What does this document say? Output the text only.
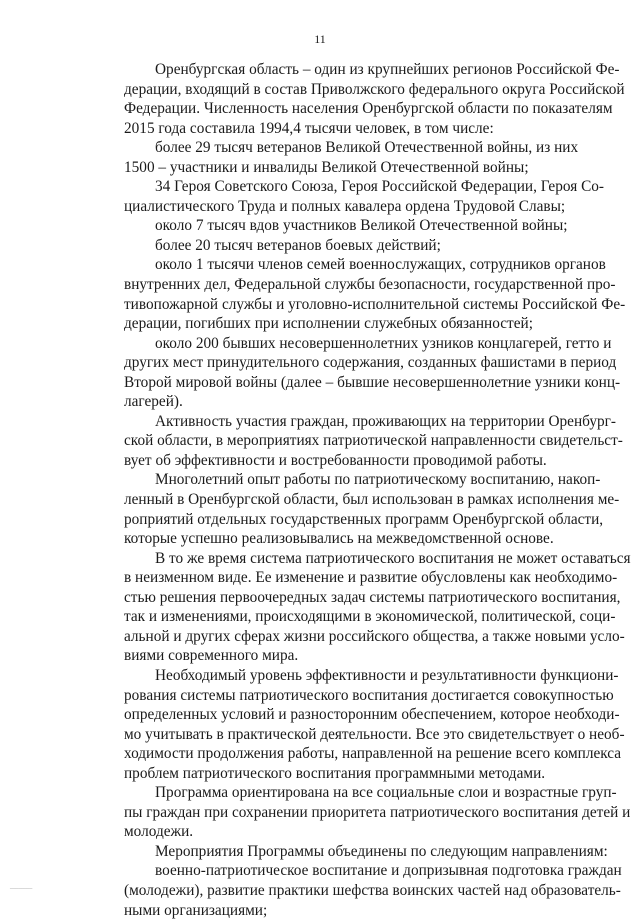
11
Оренбургская область – один из крупнейших регионов Российской Фе-
дерации, входящий в состав Приволжского федерального округа Российской
Федерации. Численность населения Оренбургской области по показателям
2015 года составила 1994,4 тысячи человек, в том числе:
более 29 тысяч ветеранов Великой Отечественной войны, из них
1500 – участники и инвалиды Великой Отечественной войны;
34 Героя Советского Союза, Героя Российской Федерации, Героя Со-
циалистического Труда и полных кавалера ордена Трудовой Славы;
около 7 тысяч вдов участников Великой Отечественной войны;
более 20 тысяч ветеранов боевых действий;
около 1 тысячи членов семей военнослужащих, сотрудников органов
внутренних дел, Федеральной службы безопасности, государственной про-
тивопожарной службы и уголовно-исполнительной системы Российской Фе-
дерации, погибших при исполнении служебных обязанностей;
около 200 бывших несовершеннолетних узников концлагерей, гетто и
других мест принудительного содержания, созданных фашистами в период
Второй мировой войны (далее – бывшие несовершеннолетние узники конц-
лагерей).
Активность участия граждан, проживающих на территории Оренбург-
ской области, в мероприятиях патриотической направленности свидетельст-
вует об эффективности и востребованности проводимой работы.
Многолетний опыт работы по патриотическому воспитанию, накоп-
ленный в Оренбургской области, был использован в рамках исполнения ме-
роприятий отдельных государственных программ Оренбургской области,
которые успешно реализовывались на межведомственной основе.
В то же время система патриотического воспитания не может оставаться
в неизменном виде. Ее изменение и развитие обусловлены как необходимо-
стью решения первоочередных задач системы патриотического воспитания,
так и изменениями, происходящими в экономической, политической, соци-
альной и других сферах жизни российского общества, а также новыми усло-
виями современного мира.
Необходимый уровень эффективности и результативности функциони-
рования системы патриотического воспитания достигается совокупностью
определенных условий и разносторонним обеспечением, которое необходи-
мо учитывать в практической деятельности. Все это свидетельствует о необ-
ходимости продолжения работы, направленной на решение всего комплекса
проблем патриотического воспитания программными методами.
Программа ориентирована на все социальные слои и возрастные груп-
пы граждан при сохранении приоритета патриотического воспитания детей и
молодежи.
Мероприятия Программы объединены по следующим направлениям:
военно-патриотическое воспитание и допризывная подготовка граждан
(молодежи), развитие практики шефства воинских частей над образователь-
ными организациями;
________
